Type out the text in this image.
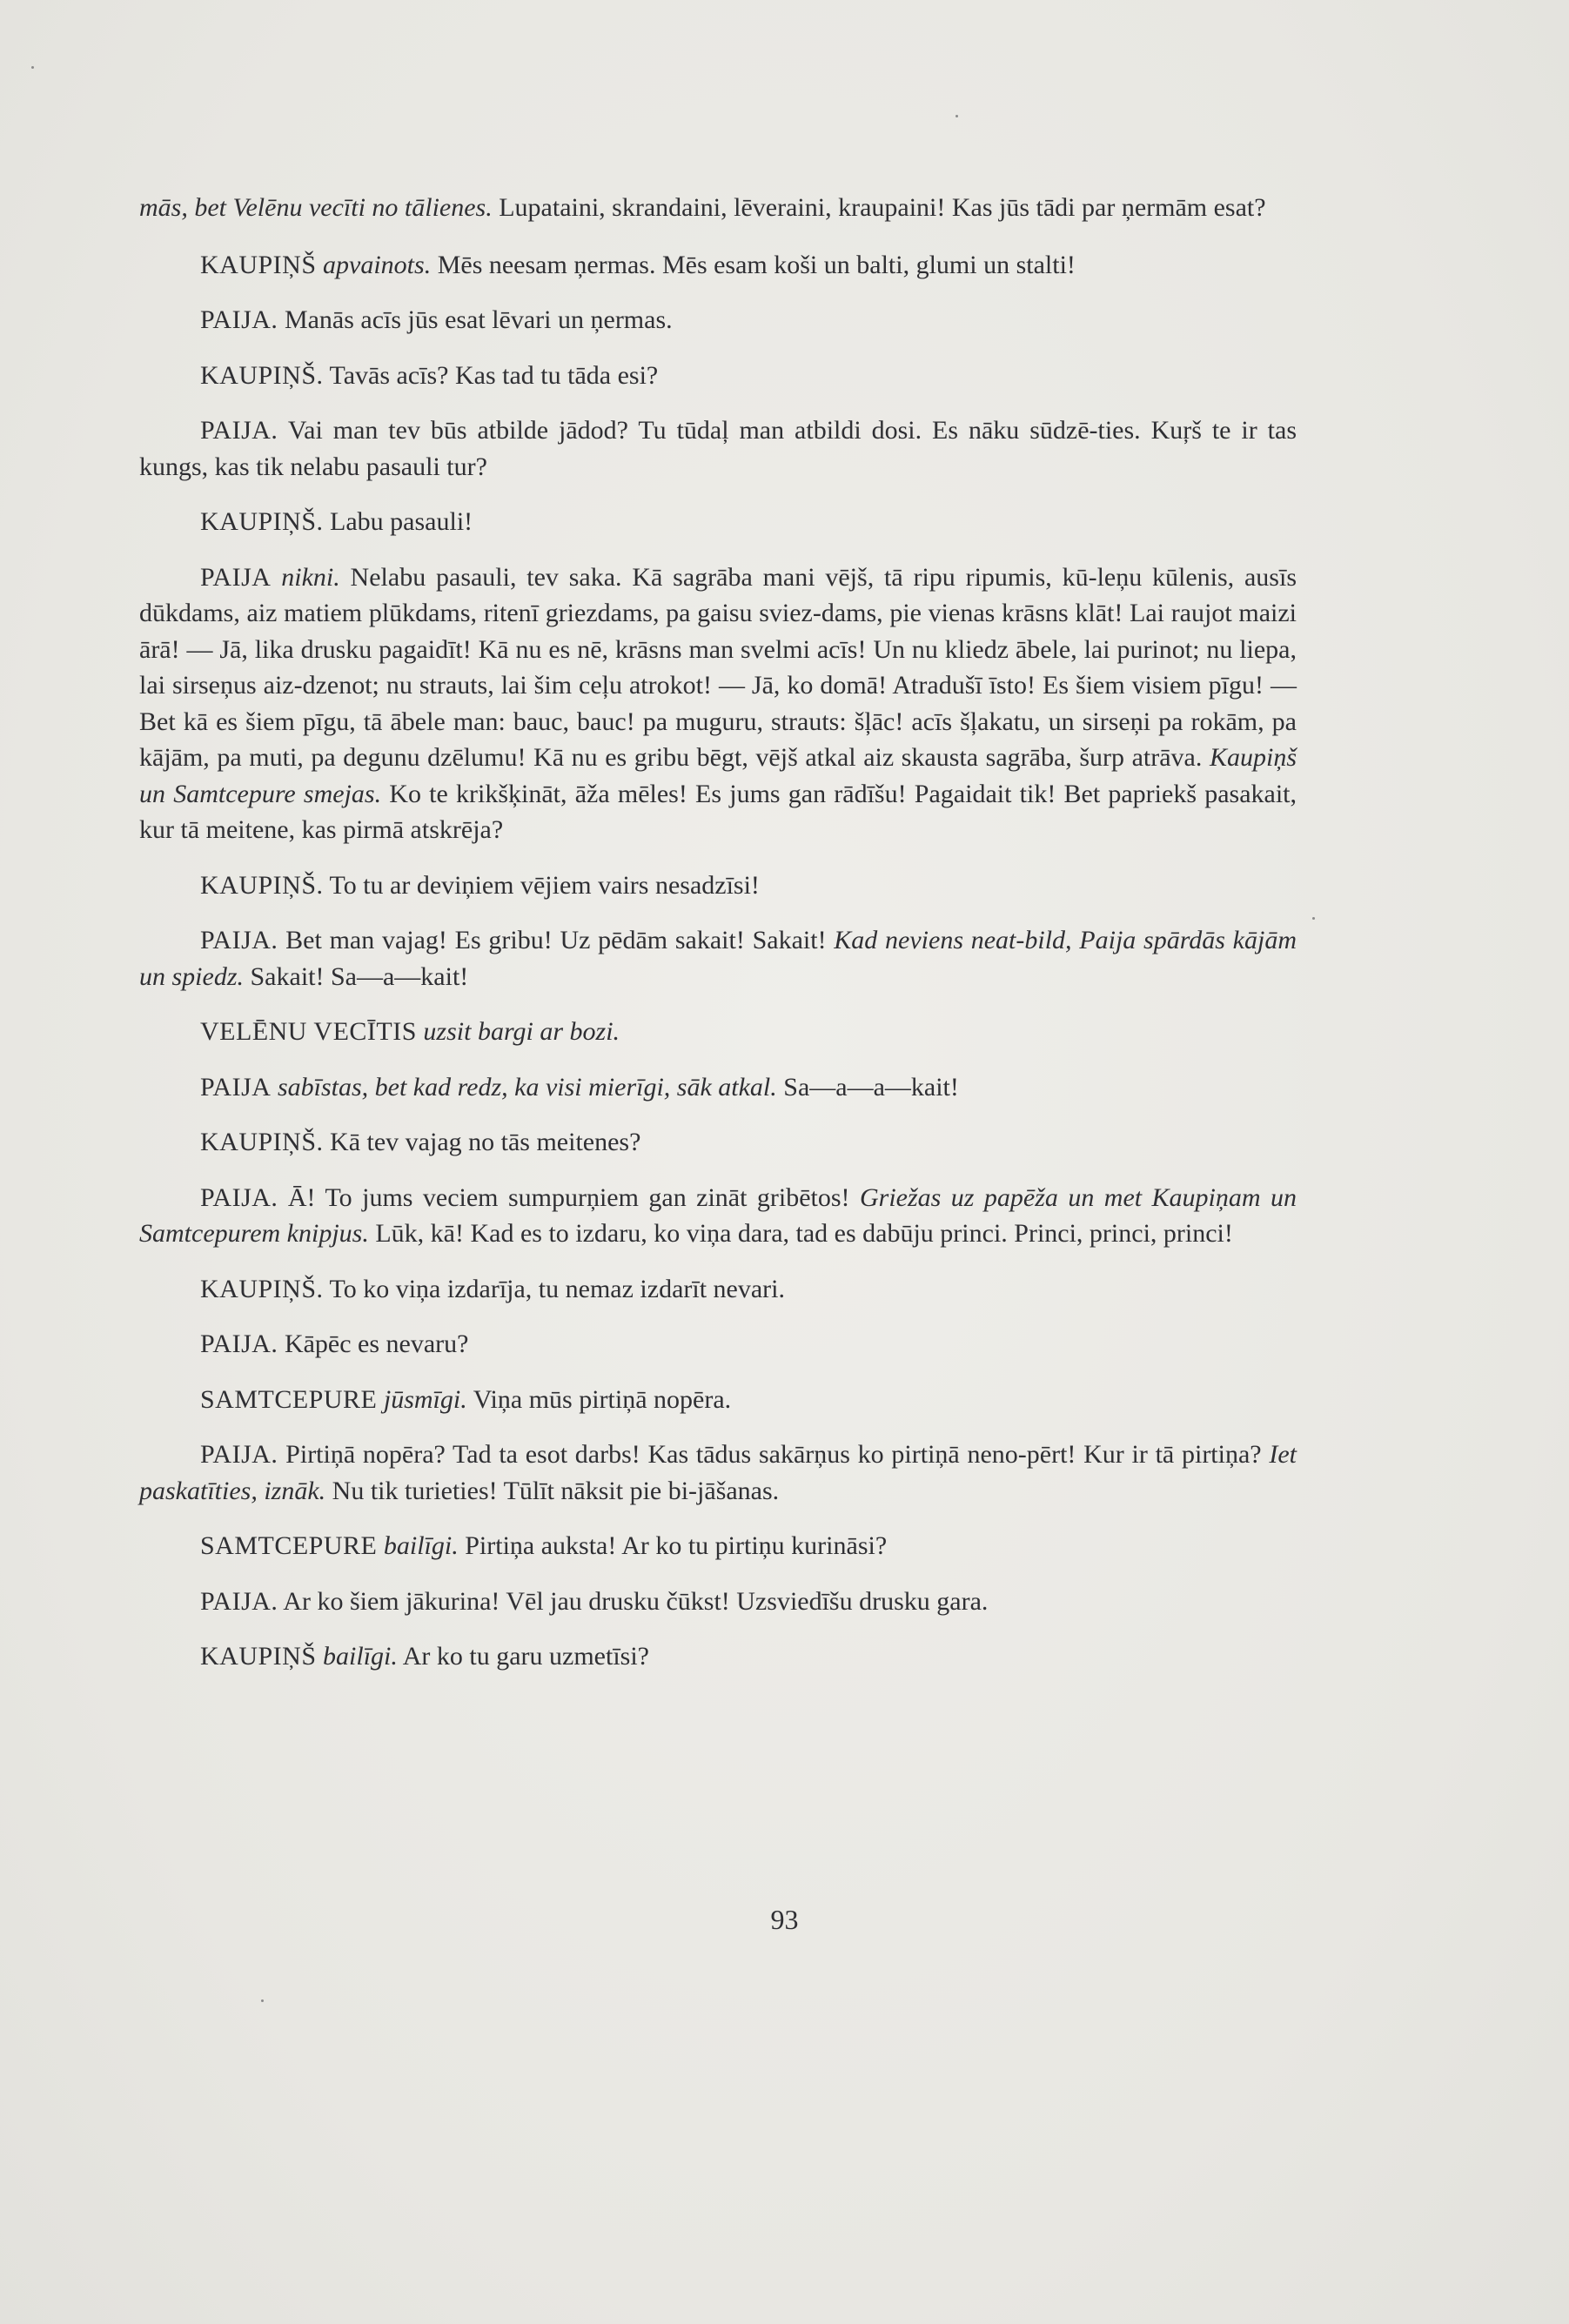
mās, bet Velēnu vecīti no tālienes. Lupataini, skrandaini, lēveraini, kraupaini! Kas jūs tādi par ņermām esat?

KAUPIŅŠ apvainots. Mēs neesam ņermas. Mēs esam koši un balti, glumi un stalti!

PAIJA. Manās acīs jūs esat lēvari un ņermas.

KAUPIŅŠ. Tavās acīs? Kas tad tu tāda esi?

PAIJA. Vai man tev būs atbilde jādod? Tu tūdaļ man atbildi dosi. Es nāku sūdzē-ties. Kuŗš te ir tas kungs, kas tik nelabu pasauli tur?

KAUPIŅŠ. Labu pasauli!

PAIJA nikni. Nelabu pasauli, tev saka. Kā sagrāba mani vējš, tā ripu ripumis, kū-leņu kūlenis, ausīs dūkdams, aiz matiem plūkdams, ritenī griezdams, pa gaisu sviez-dams, pie vienas krāsns klāt! Lai raujot maizi ārā! — Jā, lika drusku pagaidīt! Kā nu es nē, krāsns man svelmi acīs! Un nu kliedz ābele, lai purinot; nu liepa, lai sirseņus aiz-dzenot; nu strauts, lai šim ceļu atrokot! — Jā, ko domā! Atradušī īsto! Es šiem visiem pīgu! — Bet kā es šiem pīgu, tā ābele man: bauc, bauc! pa muguru, strauts: šļāc! acīs šļakatu, un sirseņi pa rokām, pa kājām, pa muti, pa degunu dzēlumu! Kā nu es gribu bēgt, vējš atkal aiz skausta sagrāba, šurp atrāva. Kaupiņš un Samtcepure smejas. Ko te krikšķināt, āža mēles! Es jums gan rādīšu! Pagaidait tik! Bet papriekš pasakait, kur tā meitene, kas pirmā atskrēja?

KAUPIŅŠ. To tu ar deviņiem vējiem vairs nesadzīsi!

PAIJA. Bet man vajag! Es gribu! Uz pēdām sakait! Sakait! Kad neviens neat-bild, Paija spārdās kājām un spiedz. Sakait! Sa—a—kait!

VELĒNU VECĪTIS uzsit bargi ar bozi.

PAIJA sabīstas, bet kad redz, ka visi mierīgi, sāk atkal. Sa—a—a—kait!

KAUPIŅŠ. Kā tev vajag no tās meitenes?

PAIJA. Ā! To jums veciem sumpurņiem gan zināt gribētos! Griežas uz papēža un met Kaupiņam un Samtcepurem knipjus. Lūk, kā! Kad es to izdaru, ko viņa dara, tad es dabūju princi. Princi, princi, princi!

KAUPIŅŠ. To ko viņa izdarīja, tu nemaz izdarīt nevari.

PAIJA. Kāpēc es nevaru?

SAMTCEPURE jūsmīgi. Viņa mūs pirtiņā nopēra.

PAIJA. Pirtiņā nopēra? Tad ta esot darbs! Kas tādus sakārņus ko pirtiņā neno-pērt! Kur ir tā pirtiņa? Iet paskatīties, iznāk. Nu tik turieties! Tūlīt nāksit pie bi-jāšanas.

SAMTCEPURE bailīgi. Pirtiņa auksta! Ar ko tu pirtiņu kurināsi?

PAIJA. Ar ko šiem jākurina! Vēl jau drusku čūkst! Uzsviedīšu drusku gara.

KAUPIŅŠ bailīgi. Ar ko tu garu uzmetīsi?

93
